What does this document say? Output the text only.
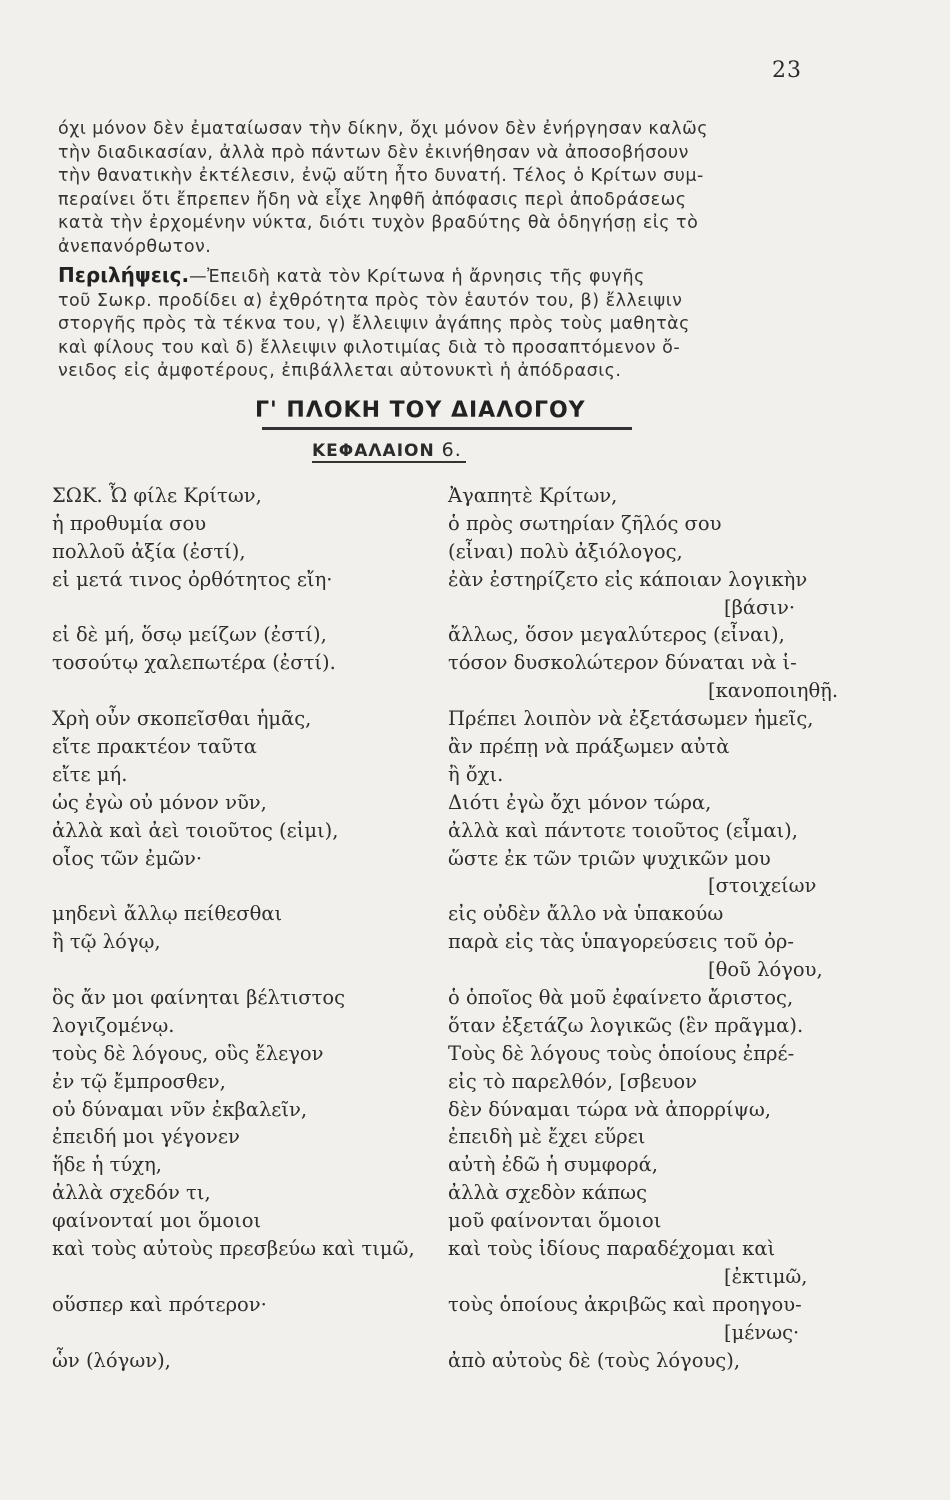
23
όχι μόνον δὲν ἐματαίωσαν τὴν δίκην, ὄχι μόνον δὲν ἐνήργησαν καλῶς
τὴν διαδικασίαν, ἀλλὰ πρὸ πάντων δὲν ἐκινήθησαν νὰ ἀποσοβήσουν
τὴν θανατικὴν ἐκτέλεσιν, ἐνῷ αὕτη ἦτο δυνατή. Τέλος ὁ Κρίτων συμ-
περαίνει ὅτι ἔπρεπεν ἤδη νὰ εἶχε ληφθῆ ἀπόφασις περὶ ἀποδράσεως
κατὰ τὴν ἐρχομένην νύκτα, διότι τυχὸν βραδύτης θὰ ὁδηγήσῃ εἰς τὸ
ἀνεπανόρθωτον.
Περιλήψεις.—Ἐπειδὴ κατὰ τὸν Κρίτωνα ἡ ἄρνησις τῆς φυγῆς
τοῦ Σωκρ. προδίδει α) ἐχθρότητα πρὸς τὸν ἑαυτόν του, β) ἔλλειψιν
στοργῆς πρὸς τὰ τέκνα του, γ) ἔλλειψιν ἀγάπης πρὸς τοὺς μαθητὰς
καὶ φίλους του καὶ δ) ἔλλειψιν φιλοτιμίας διὰ τὸ προσαπτόμενον ὄ-
νειδος εἰς ἀμφοτέρους, ἐπιβάλλεται αὐτονυκτὶ ἡ ἀπόδρασις.
Γ' ΠΛΟΚΗ ΤΟΥ ΔΙΑΛΟΓΟΥ
ΚΕΦΑΛΑΙΟΝ 6.
ΣΩΚ. Ὦ φίλε Κρίτων,
ἡ προθυμία σου
πολλοῦ ἀξία (ἐστί),
εἰ μετά τινος ὀρθότητος εἴη·
εἰ δὲ μή, ὅσῳ μείζων (ἐστί),
τοσούτῳ χαλεπωτέρα (ἐστί).
Χρὴ οὖν σκοπεῖσθαι ἡμᾶς,
εἴτε πρακτέον ταῦτα
εἴτε μή.
ὡς ἐγὼ οὐ μόνον νῦν,
ἀλλὰ καὶ ἀεὶ τοιοῦτος (εἰμι),
οἷος τῶν ἐμῶν·
μηδενὶ ἄλλῳ πείθεσθαι
ἢ τῷ λόγῳ,
ὃς ἄν μοι φαίνηται βέλτιστος
λογιζομένῳ.
τοὺς δὲ λόγους, οὓς ἔλεγον
ἐν τῷ ἔμπροσθεν,
οὐ δύναμαι νῦν ἐκβαλεῖν,
ἐπειδή μοι γέγονεν
ἥδε ἡ τύχη,
ἀλλὰ σχεδόν τι,
φαίνονταί μοι ὅμοιοι
καὶ τοὺς αὐτοὺς πρεσβεύω καὶ τιμῶ,
οὕσπερ καὶ πρότερον·
ὧν (λόγων),
Ἀγαπητὲ Κρίτων,
ὁ πρὸς σωτηρίαν ζῆλός σου
(εἶναι) πολὺ ἀξιόλογος,
ἐὰν ἐστηρίζετο εἰς κάποιαν λογικὴν
[βάσιν·
ἄλλως, ὅσον μεγαλύτερος (εἶναι),
τόσον δυσκολώτερον δύναται νὰ ἱ-
[κανοποιηθῇ.
Πρέπει λοιπὸν νὰ ἐξετάσωμεν ἡμεῖς,
ἂν πρέπῃ νὰ πράξωμεν αὐτὰ
ἢ ὄχι.
Διότι ἐγὼ ὄχι μόνον τώρα,
ἀλλὰ καὶ πάντοτε τοιοῦτος (εἶμαι),
ὥστε ἐκ τῶν τριῶν ψυχικῶν μου
[στοιχείων
εἰς οὐδὲν ἄλλο νὰ ὑπακούω
παρὰ εἰς τὰς ὑπαγορεύσεις τοῦ ὀρ-
[θοῦ λόγου,
ὁ ὁποῖος θὰ μοῦ ἐφαίνετο ἄριστος,
ὅταν ἐξετάζω λογικῶς (ἓν πρᾶγμα).
Τοὺς δὲ λόγους τοὺς ὁποίους ἐπρέ-
εἰς τὸ παρελθόν, [σβευον
δὲν δύναμαι τώρα νὰ ἀπορρίψω,
ἐπειδὴ μὲ ἔχει εὕρει
αὐτὴ ἐδῶ ἡ συμφορά,
ἀλλὰ σχεδὸν κάπως
μοῦ φαίνονται ὅμοιοι
καὶ τοὺς ἰδίους παραδέχομαι καὶ
[ἐκτιμῶ,
τοὺς ὁποίους ἀκριβῶς καὶ προηγου-
[μένως·
ἀπὸ αὐτοὺς δὲ (τοὺς λόγους),
